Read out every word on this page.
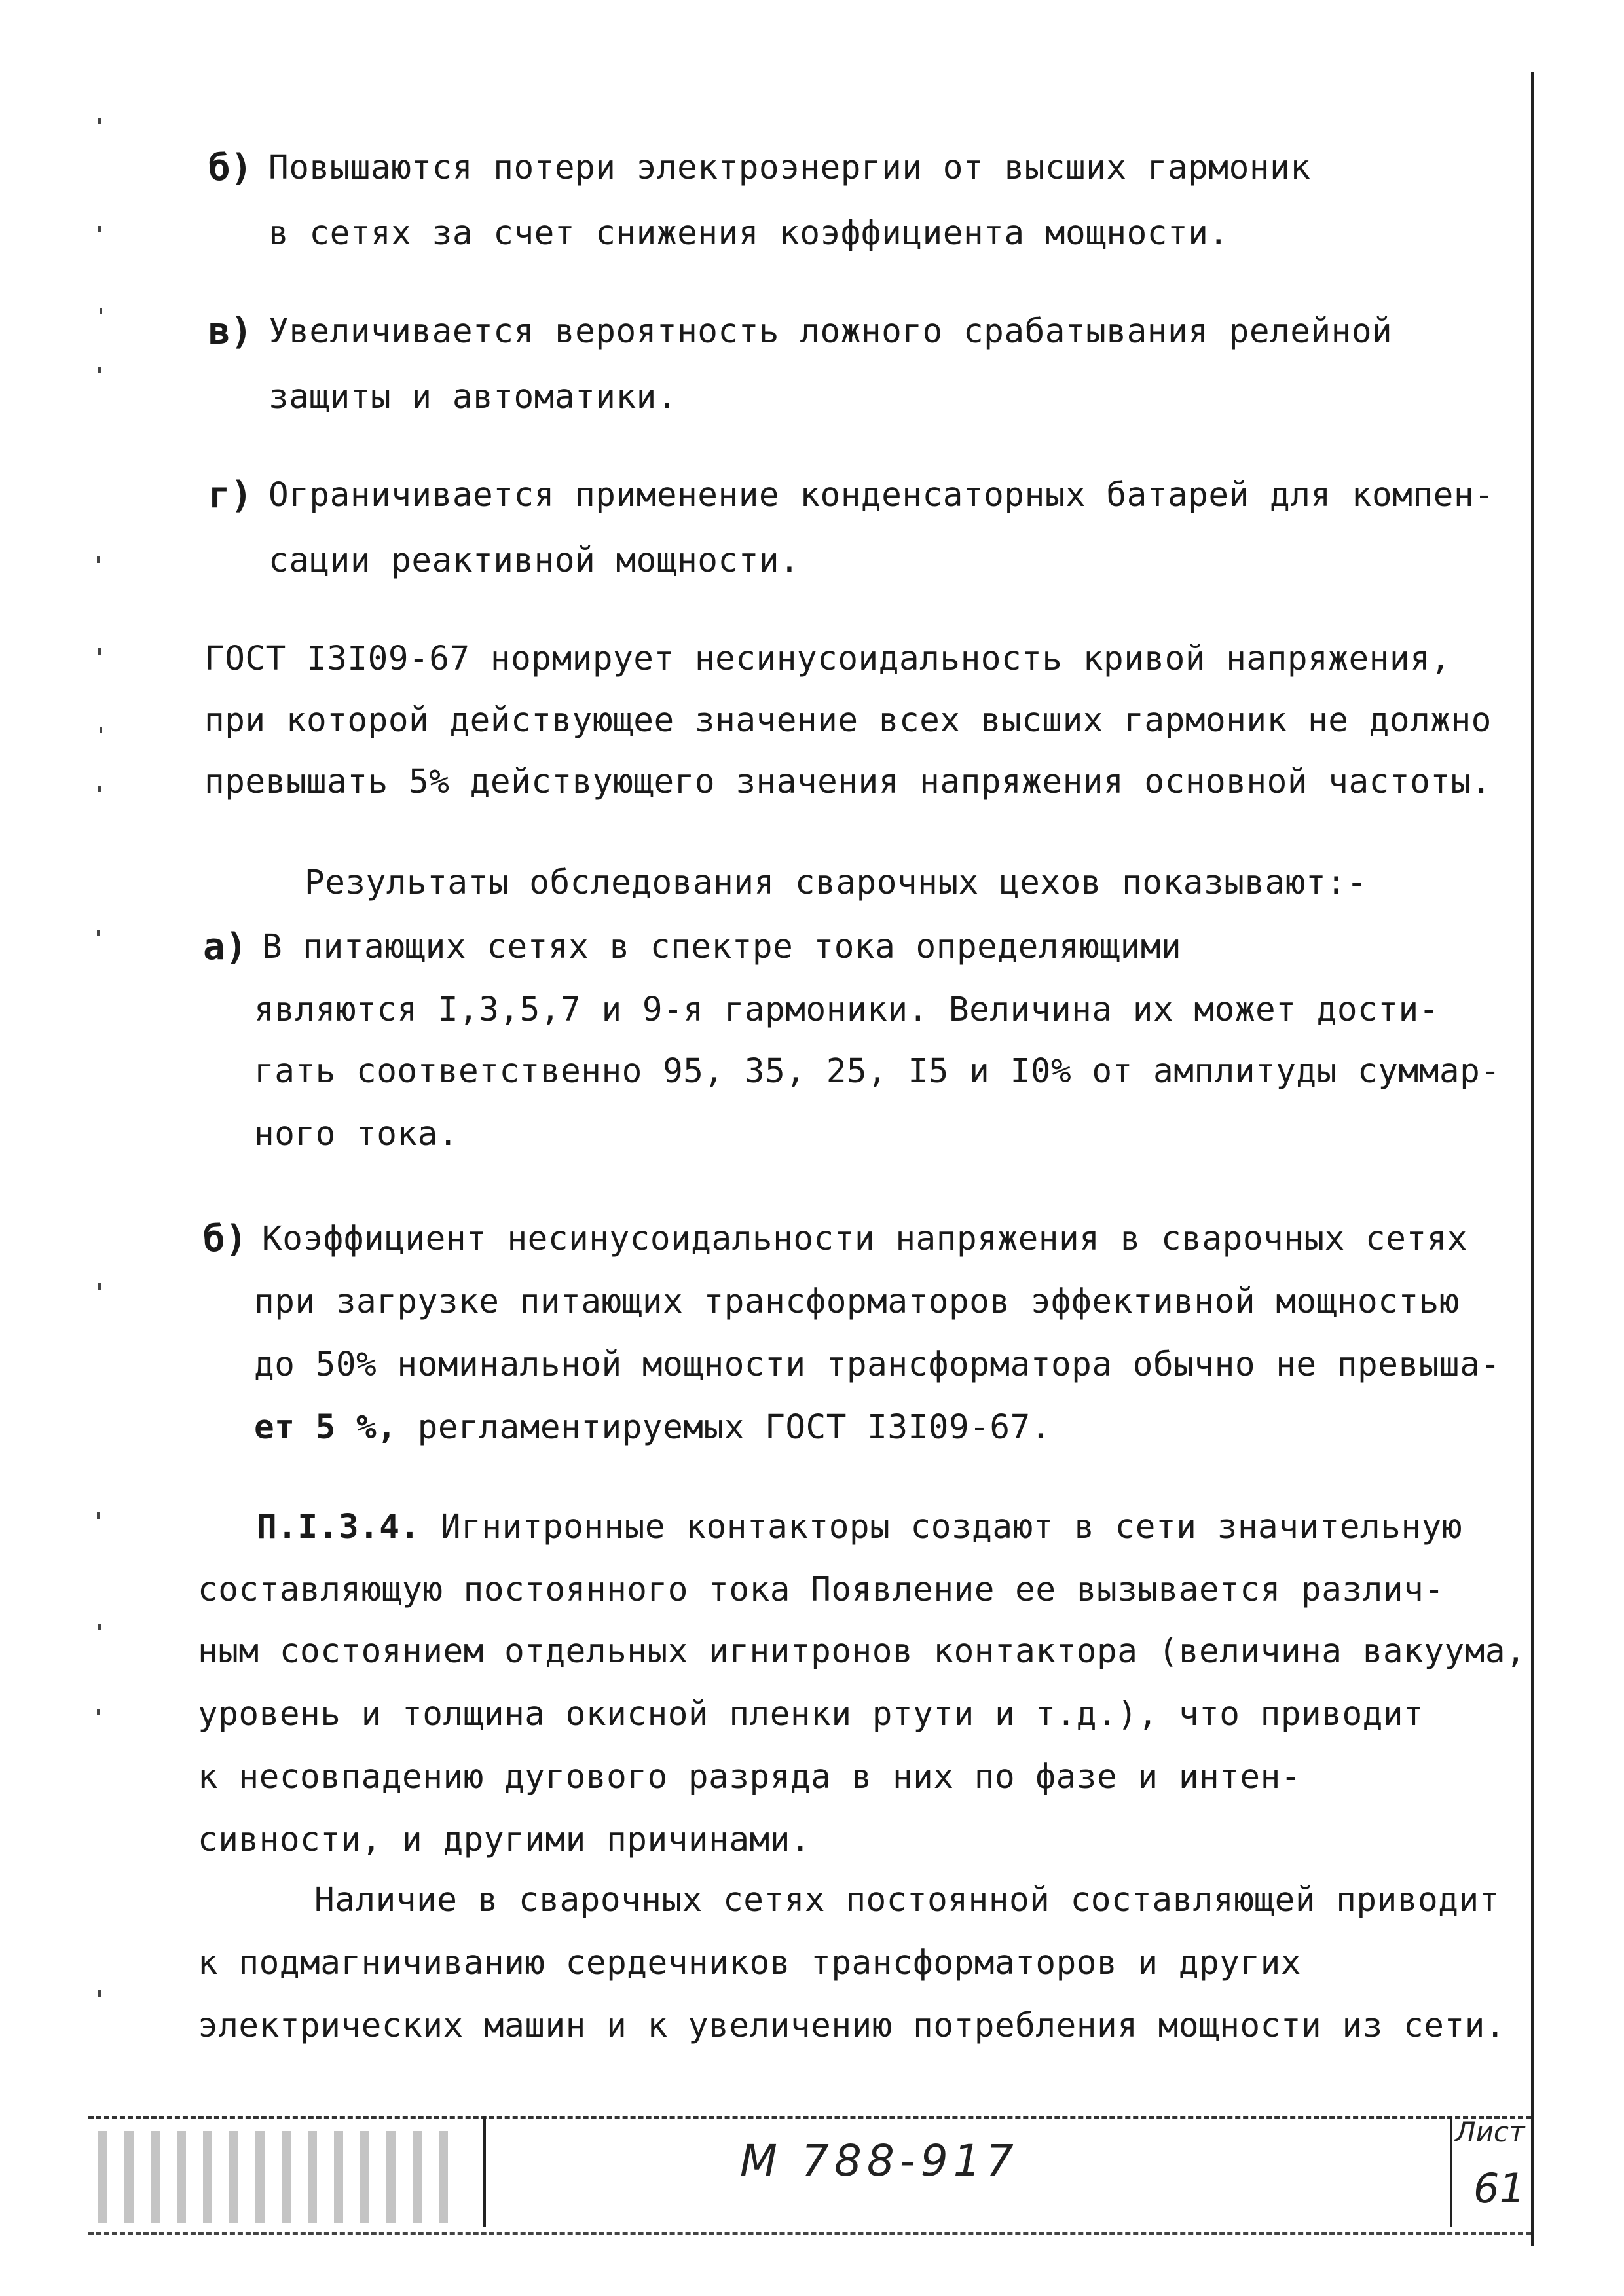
б) Повышаются потери электроэнергии от высших гармоник
в сетях за счет снижения коэффициента мощности.
в) Увеличивается вероятность ложного срабатывания релейной
защиты и автоматики.
г) Ограничивается применение конденсаторных батарей для компен-
сации реактивной мощности.
ГОСТ I3I09-67 нормирует несинусоидальность кривой напряжения,
при которой действующее значение всех высших гармоник не должно
превышать 5% действующего значения напряжения основной частоты.
Результаты обследования сварочных цехов показывают:-
а) В питающих сетях в спектре тока определяющими
являются I,3,5,7 и 9-я гармоники. Величина их может дости-
гать соответственно 95, 35, 25, I5 и I0% от амплитуды суммар-
ного тока.
б) Коэффициент несинусоидальности напряжения в сварочных сетях
при загрузке питающих трансформаторов эффективной мощностью
до 50% номинальной мощности трансформатора обычно не превыша-
ет 5 %, регламентируемых ГОСТ I3I09-67.
П.I.3.4. Игнитронные контакторы создают в сети значительную
составляющую постоянного тока Появление ее вызывается различ-
ным состоянием отдельных игнитронов контактора (величина вакуума,
уровень и толщина окисной пленки ртути и т.д.), что приводит
к несовпадению дугового разряда в них по фазе и интен-
сивности, и другими причинами.
Наличие в сварочных сетях постоянной составляющей приводит
к подмагничиванию сердечников трансформаторов и других
электрических машин и к увеличению потребления мощности из сети.
М 788-917
Лист
61
